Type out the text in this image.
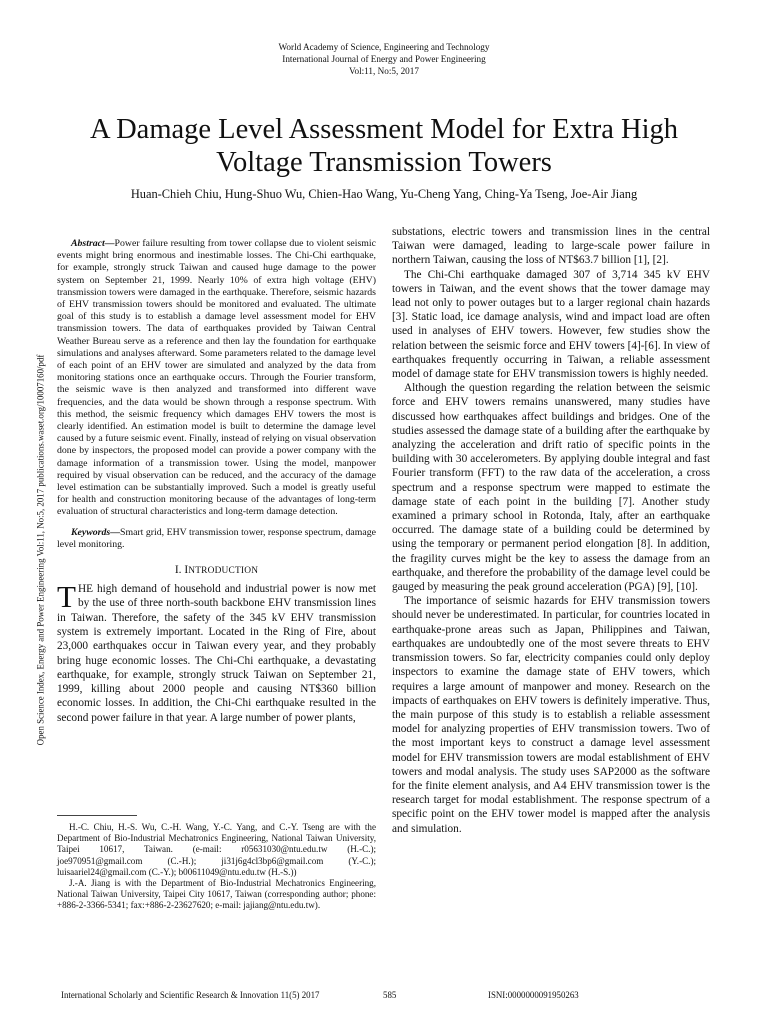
World Academy of Science, Engineering and Technology
International Journal of Energy and Power Engineering
Vol:11, No:5, 2017
A Damage Level Assessment Model for Extra High
Voltage Transmission Towers
Huan-Chieh Chiu, Hung-Shuo Wu, Chien-Hao Wang, Yu-Cheng Yang, Ching-Ya Tseng, Joe-Air Jiang
Open Science Index, Energy and Power Engineering Vol:11, No:5, 2017 publications.waset.org/10007160/pdf

Abstract—Power failure resulting from tower collapse due to violent seismic events might bring enormous and inestimable losses. The Chi-Chi earthquake, for example, strongly struck Taiwan and caused huge damage to the power system on September 21, 1999. Nearly 10% of extra high voltage (EHV) transmission towers were damaged in the earthquake. Therefore, seismic hazards of EHV transmission towers should be monitored and evaluated. The ultimate goal of this study is to establish a damage level assessment model for EHV transmission towers. The data of earthquakes provided by Taiwan Central Weather Bureau serve as a reference and then lay the foundation for earthquake simulations and analyses afterward. Some parameters related to the damage level of each point of an EHV tower are simulated and analyzed by the data from monitoring stations once an earthquake occurs. Through the Fourier transform, the seismic wave is then analyzed and transformed into different wave frequencies, and the data would be shown through a response spectrum. With this method, the seismic frequency which damages EHV towers the most is clearly identified. An estimation model is built to determine the damage level caused by a future seismic event. Finally, instead of relying on visual observation done by inspectors, the proposed model can provide a power company with the damage information of a transmission tower. Using the model, manpower required by visual observation can be reduced, and the accuracy of the damage level estimation can be substantially improved. Such a model is greatly useful for health and construction monitoring because of the advantages of long-term evaluation of structural characteristics and long-term damage detection.

Keywords—Smart grid, EHV transmission tower, response spectrum, damage level monitoring.

I. INTRODUCTION

THE high demand of household and industrial power is now met by the use of three north-south backbone EHV transmission lines in Taiwan. Therefore, the safety of the 345 kV EHV transmission system is extremely important. Located in the Ring of Fire, about 23,000 earthquakes occur in Taiwan every year, and they probably bring huge economic losses. The Chi-Chi earthquake, a devastating earthquake, for example, strongly struck Taiwan on September 21, 1999, killing about 2000 people and causing NT$360 billion economic losses. In addition, the Chi-Chi earthquake resulted in the second power failure in that year. A large number of power plants,

H.-C. Chiu, H.-S. Wu, C.-H. Wang, Y.-C. Yang, and C.-Y. Tseng are with the Department of Bio-Industrial Mechatronics Engineering, National Taiwan University, Taipei 10617, Taiwan. (e-mail: r05631030@ntu.edu.tw (H.-C.); joe970951@gmail.com (C.-H.); ji31j6g4cl3bp6@gmail.com (Y.-C.); luisaariel24@gmail.com (C.-Y.); b00611049@ntu.edu.tw (H.-S.))

J.-A. Jiang is with the Department of Bio-Industrial Mechatronics Engineering, National Taiwan University, Taipei City 10617, Taiwan (corresponding author; phone: +886-2-3366-5341; fax:+886-2-23627620; e-mail: jajiang@ntu.edu.tw).

substations, electric towers and transmission lines in the central Taiwan were damaged, leading to large-scale power failure in northern Taiwan, causing the loss of NT$63.7 billion [1], [2].

The Chi-Chi earthquake damaged 307 of 3,714 345 kV EHV towers in Taiwan, and the event shows that the tower damage may lead not only to power outages but to a larger regional chain hazards [3]. Static load, ice damage analysis, wind and impact load are often used in analyses of EHV towers. However, few studies show the relation between the seismic force and EHV towers [4]-[6]. In view of earthquakes frequently occurring in Taiwan, a reliable assessment model of damage state for EHV transmission towers is highly needed.

Although the question regarding the relation between the seismic force and EHV towers remains unanswered, many studies have discussed how earthquakes affect buildings and bridges. One of the studies assessed the damage state of a building after the earthquake by analyzing the acceleration and drift ratio of specific points in the building with 30 accelerometers. By applying double integral and fast Fourier transform (FFT) to the raw data of the acceleration, a cross spectrum and a response spectrum were mapped to estimate the damage state of each point in the building [7]. Another study examined a primary school in Rotonda, Italy, after an earthquake occurred. The damage state of a building could be determined by using the temporary or permanent period elongation [8]. In addition, the fragility curves might be the key to assess the damage from an earthquake, and therefore the probability of the damage level could be gauged by measuring the peak ground acceleration (PGA) [9], [10].

The importance of seismic hazards for EHV transmission towers should never be underestimated. In particular, for countries located in earthquake-prone areas such as Japan, Philippines and Taiwan, earthquakes are undoubtedly one of the most severe threats to EHV transmission towers. So far, electricity companies could only deploy inspectors to examine the damage state of EHV towers, which requires a large amount of manpower and money. Research on the impacts of earthquakes on EHV towers is definitely imperative. Thus, the main purpose of this study is to establish a reliable assessment model for analyzing properties of EHV transmission towers. Two of the most important keys to construct a damage level assessment model for EHV transmission towers are modal establishment of EHV towers and modal analysis. The study uses SAP2000 as the software for the finite element analysis, and A4 EHV transmission tower is the research target for modal establishment. The response spectrum of a specific point on the EHV tower model is mapped after the analysis and simulation.

International Scholarly and Scientific Research & Innovation 11(5) 2017	585	ISNI:0000000091950263
